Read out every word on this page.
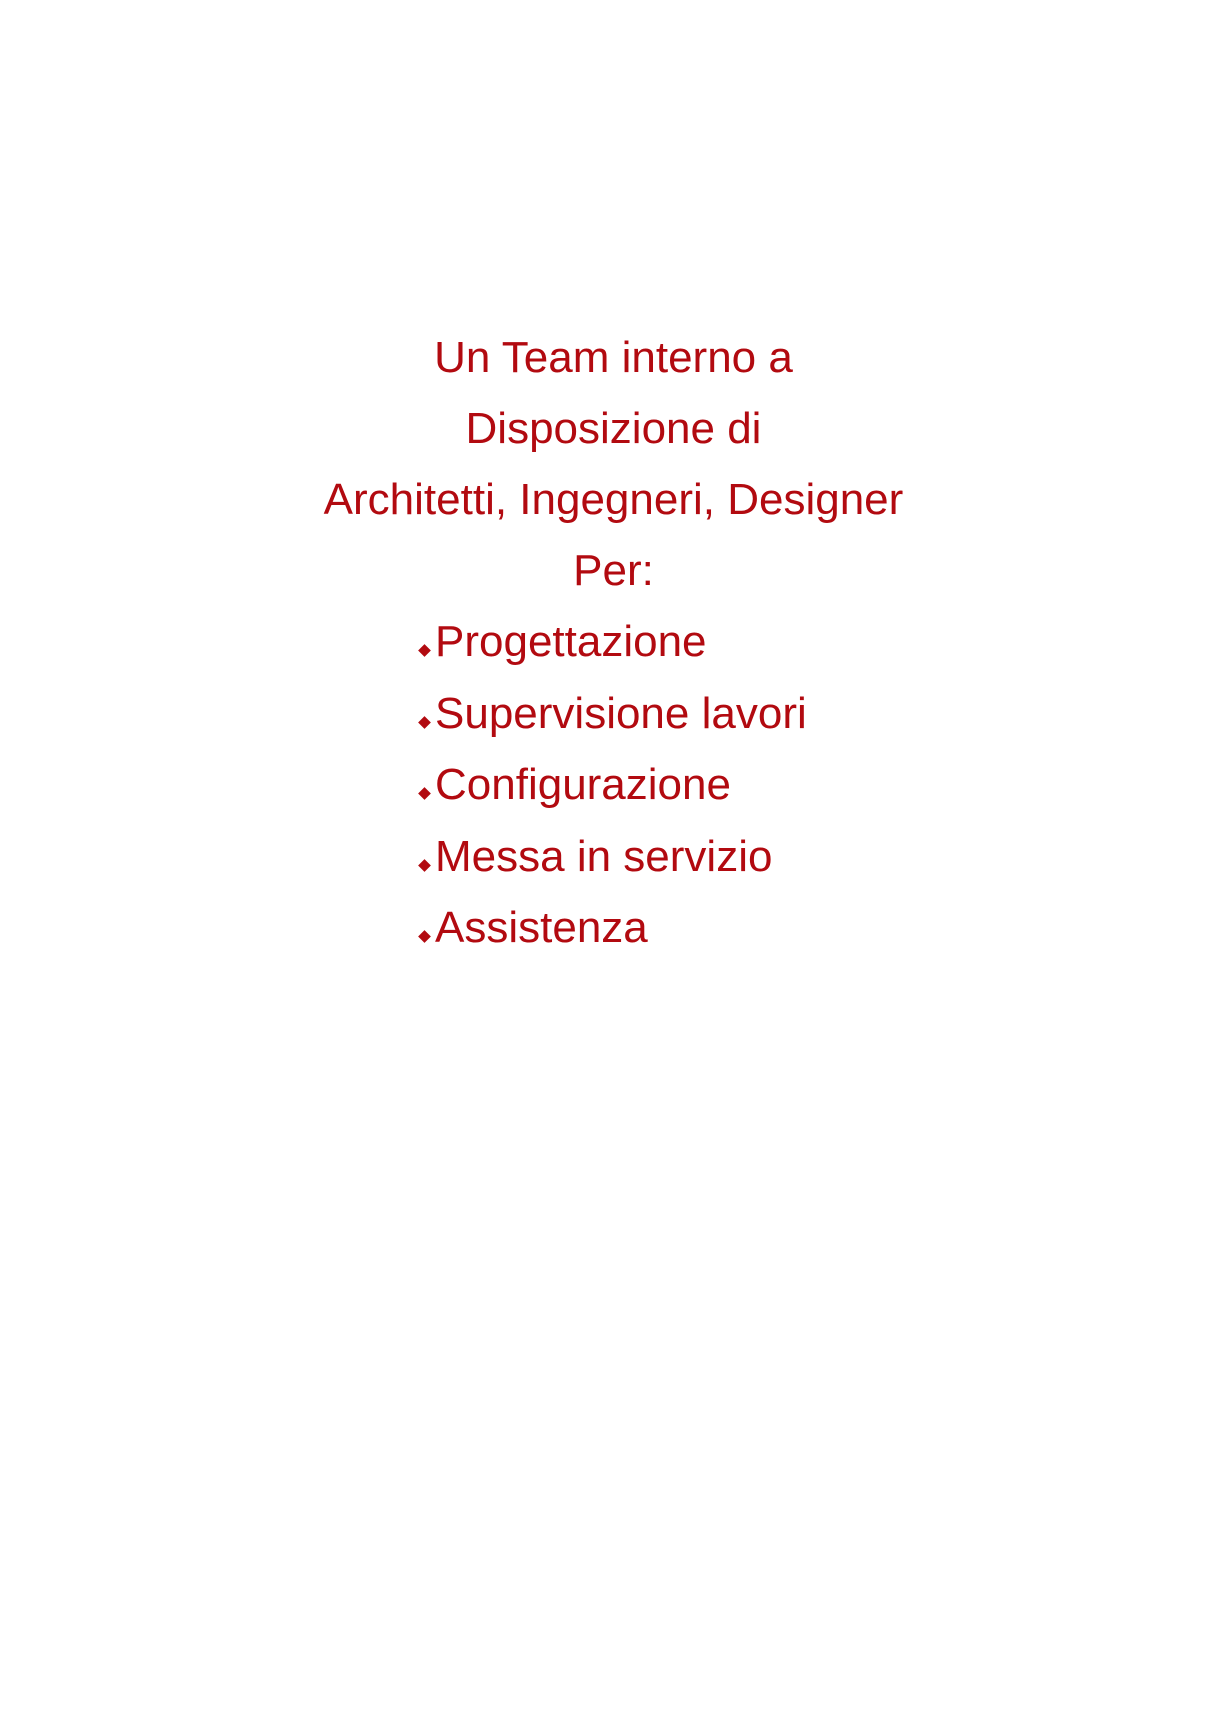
Un Team interno a
Disposizione di
Architetti, Ingegneri, Designer
Per:
Progettazione
Supervisione lavori
Configurazione
Messa in servizio
Assistenza
